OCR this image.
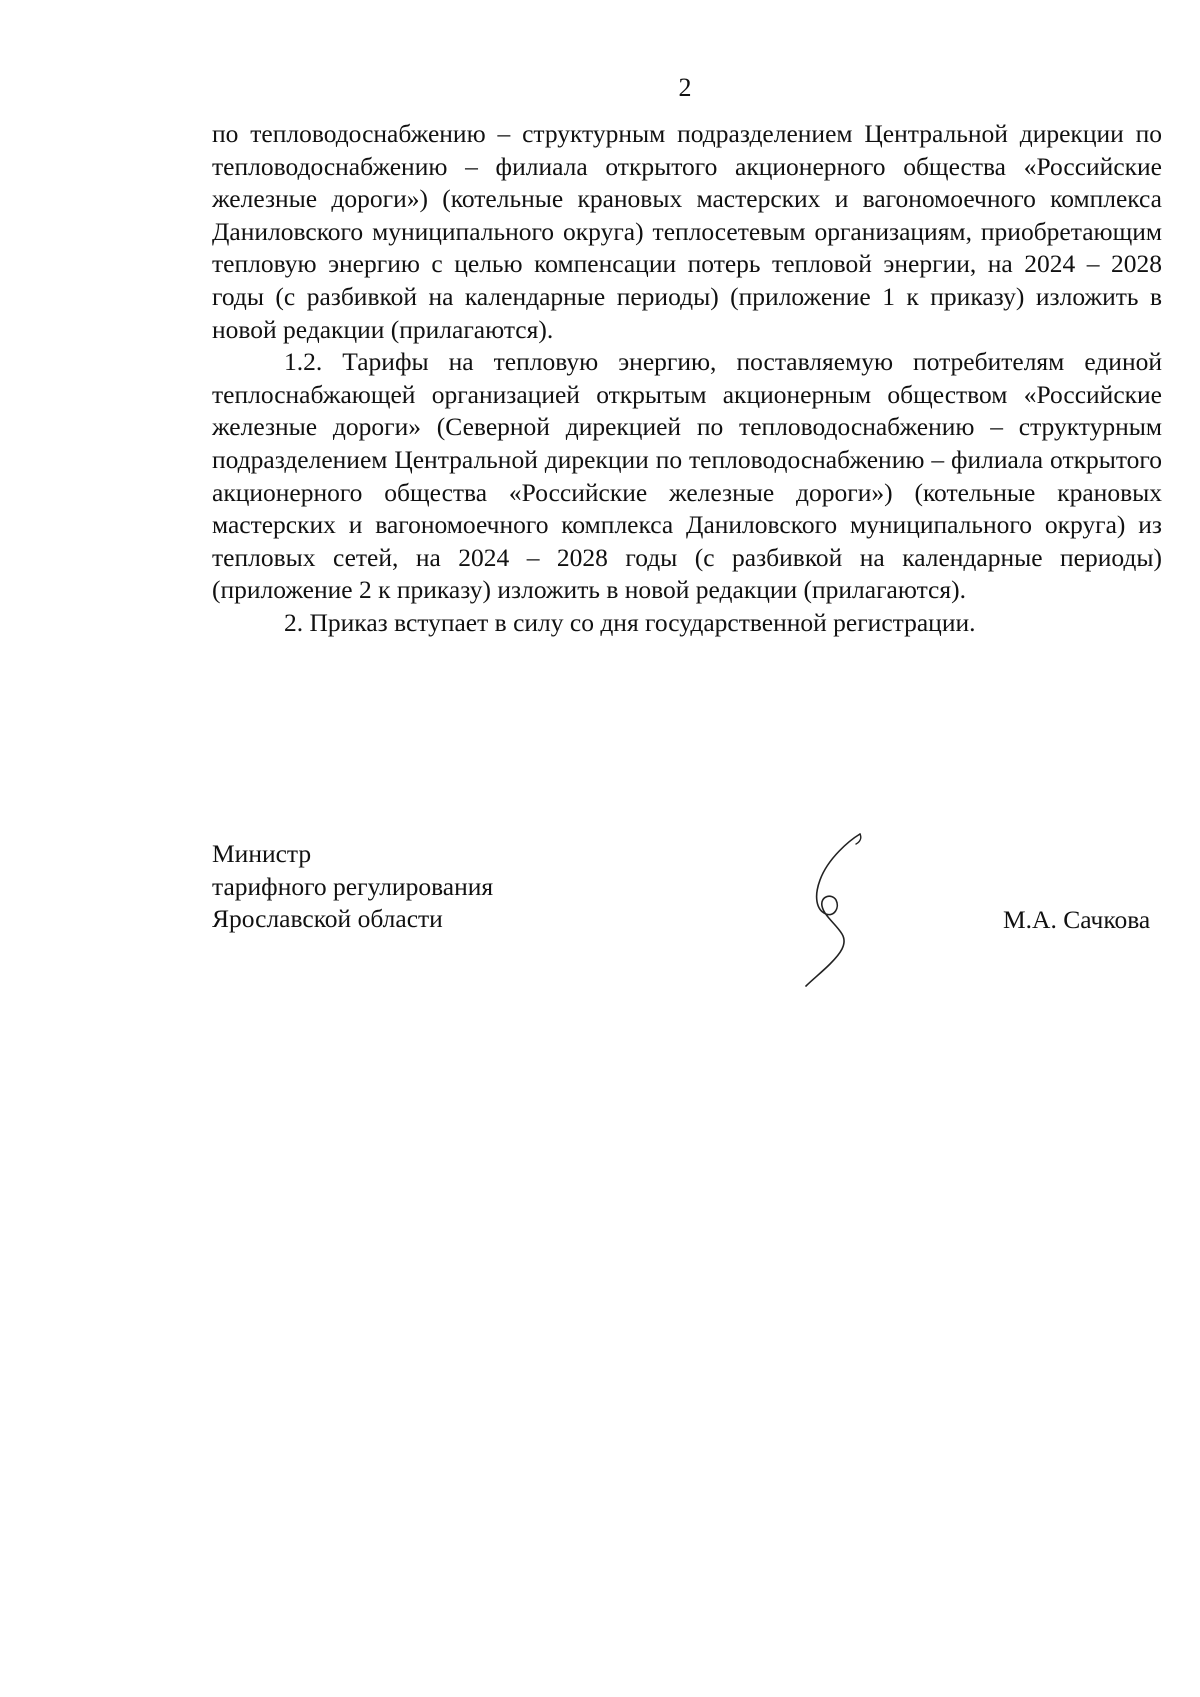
2

по тепловодоснабжению – структурным подразделением Центральной дирекции по тепловодоснабжению – филиала открытого акционерного общества «Российские железные дороги») (котельные крановых мастерских и вагономоечного комплекса Даниловского муниципального округа) теплосетевым организациям, приобретающим тепловую энергию с целью компенсации потерь тепловой энергии, на 2024 – 2028 годы (с разбивкой на календарные периоды) (приложение 1 к приказу) изложить в новой редакции (прилагаются).

1.2. Тарифы на тепловую энергию, поставляемую потребителям единой теплоснабжающей организацией открытым акционерным обществом «Российские железные дороги» (Северной дирекцией по тепловодоснабжению – структурным подразделением Центральной дирекции по тепловодоснабжению – филиала открытого акционерного общества «Российские железные дороги») (котельные крановых мастерских и вагономоечного комплекса Даниловского муниципального округа) из тепловых сетей, на 2024 – 2028 годы (с разбивкой на календарные периоды) (приложение 2 к приказу) изложить в новой редакции (прилагаются).

2. Приказ вступает в силу со дня государственной регистрации.

Министр
тарифного регулирования
Ярославской области	М.А. Сачкова
